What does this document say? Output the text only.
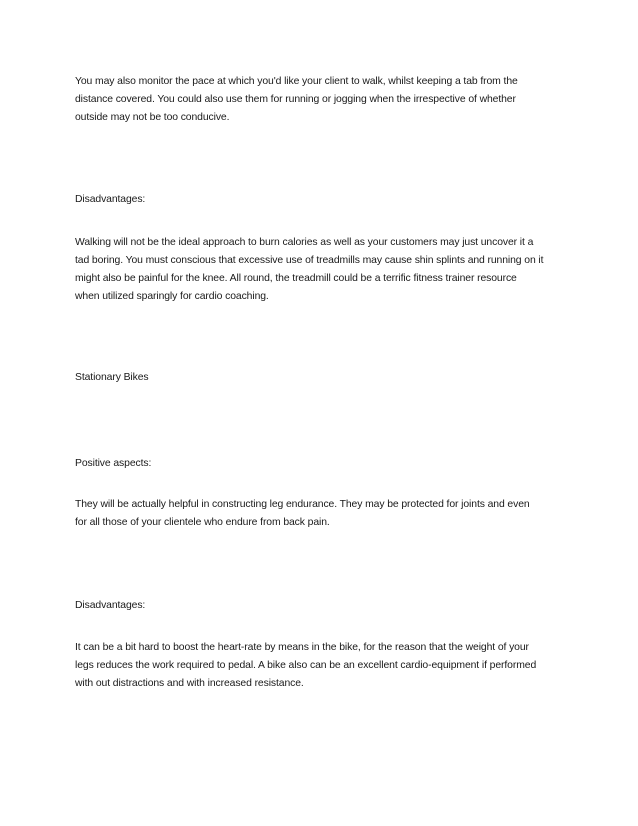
You may also monitor the pace at which you'd like your client to walk, whilst keeping a tab from the
distance covered. You could also use them for running or jogging when the irrespective of whether
outside may not be too conducive.

Disadvantages:

Walking will not be the ideal approach to burn calories as well as your customers may just uncover it a
tad boring. You must conscious that excessive use of treadmills may cause shin splints and running on it
might also be painful for the knee. All round, the treadmill could be a terrific fitness trainer resource
when utilized sparingly for cardio coaching.

Stationary Bikes

Positive aspects:

They will be actually helpful in constructing leg endurance. They may be protected for joints and even
for all those of your clientele who endure from back pain.

Disadvantages:

It can be a bit hard to boost the heart-rate by means in the bike, for the reason that the weight of your
legs reduces the work required to pedal. A bike also can be an excellent cardio-equipment if performed
with out distractions and with increased resistance.
